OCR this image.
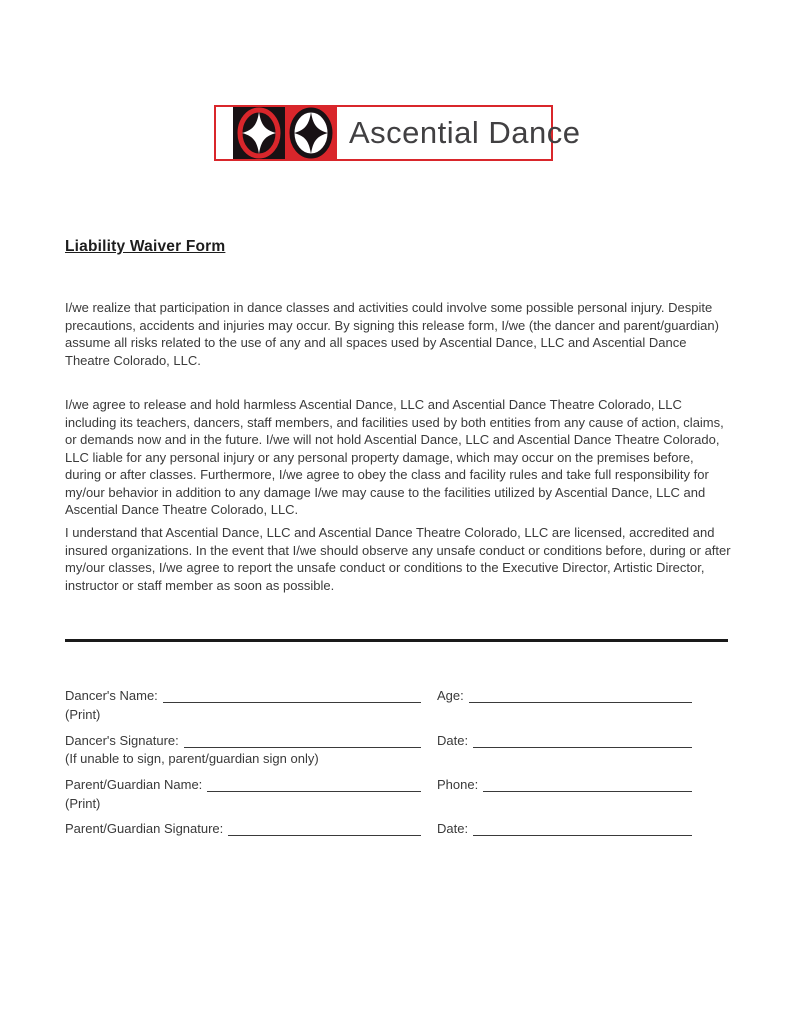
Ascential Dance
Liability Waiver Form
I/we realize that participation in dance classes and activities could involve some possible personal injury. Despite precautions, accidents and injuries may occur. By signing this release form, I/we (the dancer and parent/guardian) assume all risks related to the use of any and all spaces used by Ascential Dance, LLC and Ascential Dance Theatre Colorado, LLC.
I/we agree to release and hold harmless Ascential Dance, LLC and Ascential Dance Theatre Colorado, LLC including its teachers, dancers, staff members, and facilities used by both entities from any cause of action, claims, or demands now and in the future. I/we will not hold Ascential Dance, LLC and Ascential Dance Theatre Colorado, LLC liable for any personal injury or any personal property damage, which may occur on the premises before, during or after classes. Furthermore, I/we agree to obey the class and facility rules and take full responsibility for my/our behavior in addition to any damage I/we may cause to the facilities utilized by Ascential Dance, LLC and Ascential Dance Theatre Colorado, LLC.
I understand that Ascential Dance, LLC and Ascential Dance Theatre Colorado, LLC are licensed, accredited and insured organizations. In the event that I/we should observe any unsafe conduct or conditions before, during or after my/our classes, I/we agree to report the unsafe conduct or conditions to the Executive Director, Artistic Director, instructor or staff member as soon as possible.
Dancer's Name:	Age:
(Print)
Dancer's Signature:	Date:
(If unable to sign, parent/guardian sign only)
Parent/Guardian Name:	Phone:
(Print)
Parent/Guardian Signature:	Date:
